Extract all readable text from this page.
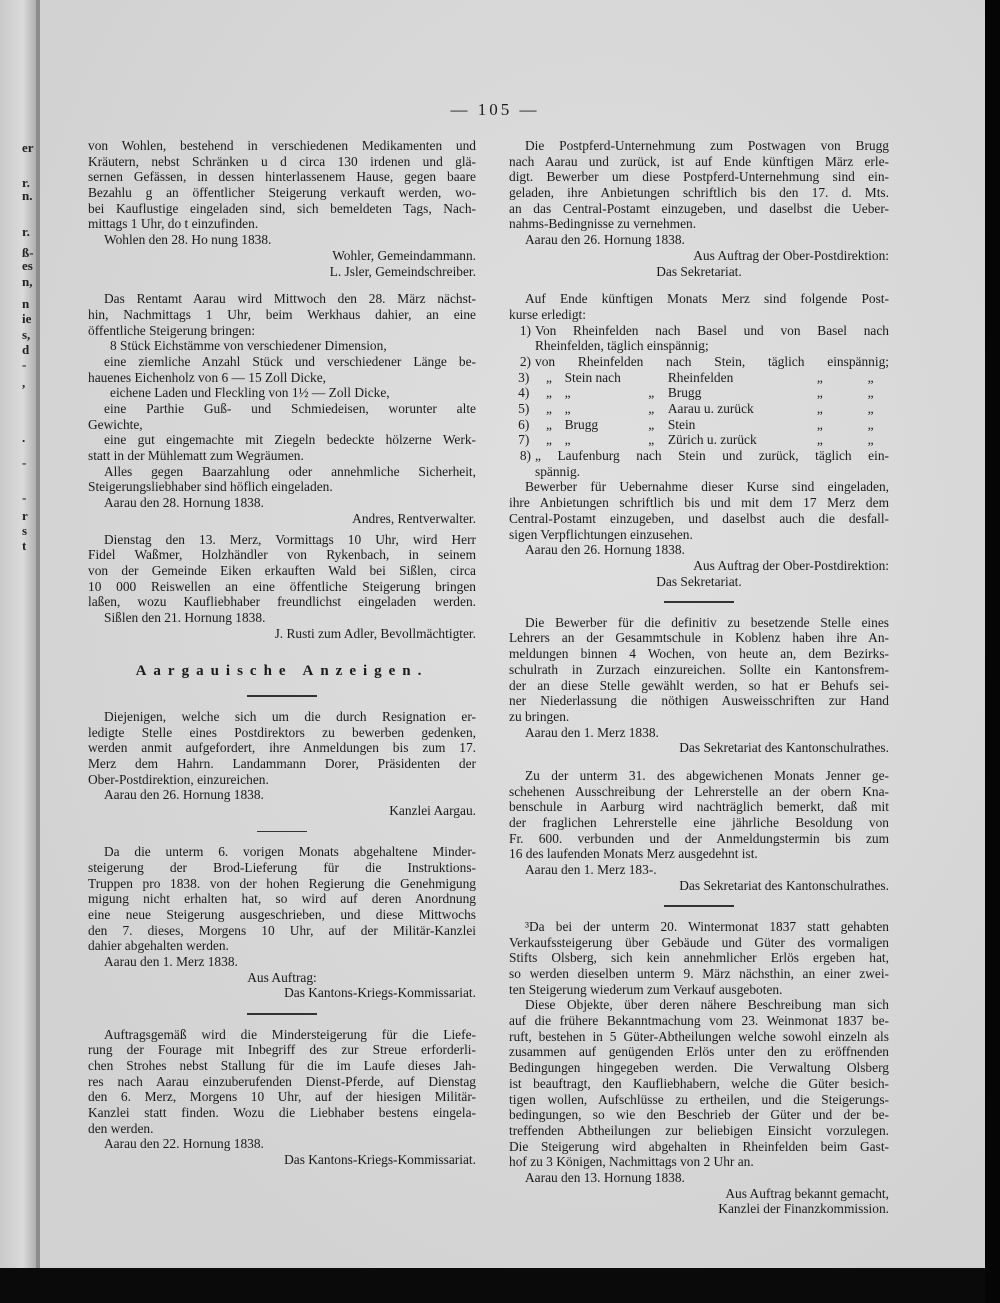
— 105 —
von Wohlen, bestehend in verschiedenen Medikamenten und
Kräutern, nebst Schränken u d circa 130 irdenen und glä-
sernen Gefässen, in dessen hinterlassenem Hause, gegen baare
Bezahlu g an öffentlicher Steigerung verkauft werden, wo-
bei Kauflustige eingeladen sind, sich bemeldeten Tags, Nach-
mittags 1 Uhr, do t einzufinden.
Wohlen den 28. Ho nung 1838.
Wohler, Gemeindammann.
L. Jsler, Gemeindschreiber.
Das Rentamt Aarau wird Mittwoch den 28. März nächst-
hin, Nachmittags 1 Uhr, beim Werkhaus dahier, an eine
öffentliche Steigerung bringen:
8 Stück Eichstämme von verschiedener Dimension,
eine ziemliche Anzahl Stück und verschiedener Länge be-
hauenes Eichenholz von 6 — 15 Zoll Dicke,
eichene Laden und Fleckling von 1½ — Zoll Dicke,
eine Parthie Guß- und Schmiedeisen, worunter alte
Gewichte,
eine gut eingemachte mit Ziegeln bedeckte hölzerne Werk-
statt in der Mühlematt zum Wegräumen.
Alles gegen Baarzahlung oder annehmliche Sicherheit,
Steigerungsliebhaber sind höflich eingeladen.
Aarau den 28. Hornung 1838.
Andres, Rentverwalter.
Dienstag den 13. Merz, Vormittags 10 Uhr, wird Herr
Fidel Waßmer, Holzhändler von Rykenbach, in seinem
von der Gemeinde Eiken erkauften Wald bei Sißlen, circa
10 000 Reiswellen an eine öffentliche Steigerung bringen
laßen, wozu Kaufliebhaber freundlichst eingeladen werden.
Sißlen den 21. Hornung 1838.
J. Rusti zum Adler, Bevollmächtigter.
Aargauische Anzeigen.
Diejenigen, welche sich um die durch Resignation er-
ledigte Stelle eines Postdirektors zu bewerben gedenken,
werden anmit aufgefordert, ihre Anmeldungen bis zum 17.
Merz dem Hahrn. Landammann Dorer, Präsidenten der
Ober-Postdirektion, einzureichen.
Aarau den 26. Hornung 1838.
Kanzlei Aargau.
Da die unterm 6. vorigen Monats abgehaltene Minder-
steigerung der Brod-Lieferung für die Instruktions-
Truppen pro 1838. von der hohen Regierung die Genehmigung
migung nicht erhalten hat, so wird auf deren Anordnung
eine neue Steigerung ausgeschrieben, und diese Mittwochs
den 7. dieses, Morgens 10 Uhr, auf der Militär-Kanzlei
dahier abgehalten werden.
Aarau den 1. Merz 1838.
Aus Auftrag:
Das Kantons-Kriegs-Kommissariat.
Auftragsgemäß wird die Mindersteigerung für die Liefe-
rung der Fourage mit Inbegriff des zur Streue erforderli-
chen Strohes nebst Stallung für die im Laufe dieses Jah-
res nach Aarau einzuberufenden Dienst-Pferde, auf Dienstag
den 6. Merz, Morgens 10 Uhr, auf der hiesigen Militär-
Kanzlei statt finden. Wozu die Liebhaber bestens eingela-
den werden.
Aarau den 22. Hornung 1838.
Das Kantons-Kriegs-Kommissariat.
Die Postpferd-Unternehmung zum Postwagen von Brugg
nach Aarau und zurück, ist auf Ende künftigen März erle-
digt. Bewerber um diese Postpferd-Unternehmung sind ein-
geladen, ihre Anbietungen schriftlich bis den 17. d. Mts.
an das Central-Postamt einzugeben, und daselbst die Ueber-
nahms-Bedingnisse zu vernehmen.
Aarau den 26. Hornung 1838.
Aus Auftrag der Ober-Postdirektion:
Das Sekretariat.
Auf Ende künftigen Monats Merz sind folgende Post-
kurse erledigt:
1) Von Rheinfelden nach Basel und von Basel nach
Rheinfelden, täglich einspännig;
2) von Rheinfelden nach Stein, täglich einspännig;
3)	„ Stein nach	Rheinfelden	„	„
4)	„ „	„	Brugg	„	„
5)	„ „	„	Aarau u. zurück	„	„
6)	„ Brugg	„	Stein	„	„
7)	„ „	„	Zürich u. zurück	„	„
8) „ Laufenburg nach Stein und zurück, täglich ein-
spännig.
Bewerber für Uebernahme dieser Kurse sind eingeladen,
ihre Anbietungen schriftlich bis und mit dem 17 Merz dem
Central-Postamt einzugeben, und daselbst auch die desfall-
sigen Verpflichtungen einzusehen.
Aarau den 26. Hornung 1838.
Aus Auftrag der Ober-Postdirektion:
Das Sekretariat.
Die Bewerber für die definitiv zu besetzende Stelle eines
Lehrers an der Gesammtschule in Koblenz haben ihre An-
meldungen binnen 4 Wochen, von heute an, dem Bezirks-
schulrath in Zurzach einzureichen. Sollte ein Kantonsfrem-
der an diese Stelle gewählt werden, so hat er Behufs sei-
ner Niederlassung die nöthigen Ausweisschriften zur Hand
zu bringen.
Aarau den 1. Merz 1838.
Das Sekretariat des Kantonschulrathes.
Zu der unterm 31. des abgewichenen Monats Jenner ge-
schehenen Ausschreibung der Lehrerstelle an der obern Kna-
benschule in Aarburg wird nachträglich bemerkt, daß mit
der fraglichen Lehrerstelle eine jährliche Besoldung von
Fr. 600. verbunden und der Anmeldungstermin bis zum
16 des laufenden Monats Merz ausgedehnt ist.
Aarau den 1. Merz 183-.
Das Sekretariat des Kantonschulrathes.
³Da bei der unterm 20. Wintermonat 1837 statt gehabten
Verkaufssteigerung über Gebäude und Güter des vormaligen
Stifts Olsberg, sich kein annehmlicher Erlös ergeben hat,
so werden dieselben unterm 9. März nächsthin, an einer zwei-
ten Steigerung wiederum zum Verkauf ausgeboten.
Diese Objekte, über deren nähere Beschreibung man sich
auf die frühere Bekanntmachung vom 23. Weinmonat 1837 be-
ruft, bestehen in 5 Güter-Abtheilungen welche sowohl einzeln als
zusammen auf genügenden Erlös unter den zu eröffnenden
Bedingungen hingegeben werden. Die Verwaltung Olsberg
ist beauftragt, den Kaufliebhabern, welche die Güter besich-
tigen wollen, Aufschlüsse zu ertheilen, und die Steigerungs-
bedingungen, so wie den Beschrieb der Güter und der be-
treffenden Abtheilungen zur beliebigen Einsicht vorzulegen.
Die Steigerung wird abgehalten in Rheinfelden beim Gast-
hof zu 3 Königen, Nachmittags von 2 Uhr an.
Aarau den 13. Hornung 1838.
Aus Auftrag bekannt gemacht,
Kanzlei der Finanzkommission.
er
r.
n.
r.
ß-
es
n,
n
ie
s,
d
-
,
.
-
-
r
s
t
